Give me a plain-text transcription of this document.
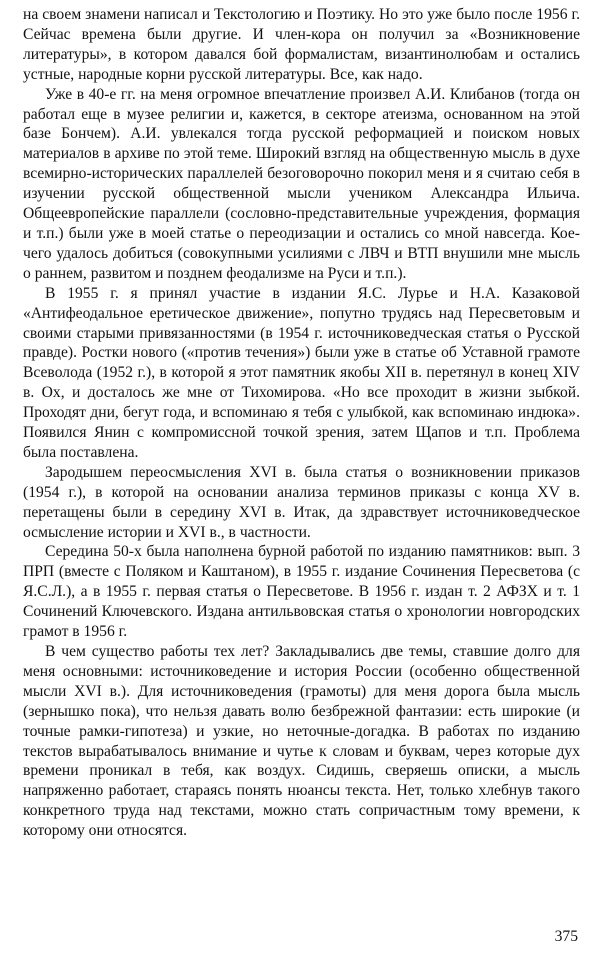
на своем знамени написал и Текстологию и Поэтику. Но это уже было после 1956 г. Сейчас времена были другие. И член-кора он получил за «Возникновение литературы», в котором давался бой формалистам, византинолюбам и остались устные, народные корни русской литературы. Все, как надо.

Уже в 40-е гг. на меня огромное впечатление произвел А.И. Клибанов (тогда он работал еще в музее религии и, кажется, в секторе атеизма, основанном на этой базе Бончем). А.И. увлекался тогда русской реформацией и поиском новых материалов в архиве по этой теме. Широкий взгляд на общественную мысль в духе всемирно-исторических параллелей безоговорочно покорил меня и я считаю себя в изучении русской общественной мысли учеником Александра Ильича. Общеевропейские параллели (сословно-представительные учреждения, формация и т.п.) были уже в моей статье о переодизации и остались со мной навсегда. Кое-чего удалось добиться (совокупными усилиями с ЛВЧ и ВТП внушили мне мысль о раннем, развитом и позднем феодализме на Руси и т.п.).

В 1955 г. я принял участие в издании Я.С. Лурье и Н.А. Казаковой «Антифеодальное еретическое движение», попутно трудясь над Пересветовым и своими старыми привязанностями (в 1954 г. источниковедческая статья о Русской правде). Ростки нового («против течения») были уже в статье об Уставной грамоте Всеволода (1952 г.), в которой я этот памятник якобы XII в. перетянул в конец XIV в. Ох, и досталось же мне от Тихомирова. «Но все проходит в жизни зыбкой. Проходят дни, бегут года, и вспоминаю я тебя с улыбкой, как вспоминаю индюка». Появился Янин с компромиссной точкой зрения, затем Щапов и т.п. Проблема была поставлена.

Зародышем переосмысления XVI в. была статья о возникновении приказов (1954 г.), в которой на основании анализа терминов приказы с конца XV в. перетащены были в середину XVI в. Итак, да здравствует источниковедческое осмысление истории и XVI в., в частности.

Середина 50-х была наполнена бурной работой по изданию памятников: вып. 3 ПРП (вместе с Поляком и Каштаном), в 1955 г. издание Сочинения Пересветова (с Я.С.Л.), а в 1955 г. первая статья о Пересветове. В 1956 г. издан т. 2 АФЗХ и т. 1 Сочинений Ключевского. Издана антильвовская статья о хронологии новгородских грамот в 1956 г.

В чем существо работы тех лет? Закладывались две темы, ставшие долго для меня основными: источниковедение и история России (особенно общественной мысли XVI в.). Для источниковедения (грамоты) для меня дорога была мысль (зернышко пока), что нельзя давать волю безбрежной фантазии: есть широкие (и точные рамки-гипотеза) и узкие, но неточные-догадка. В работах по изданию текстов вырабатывалось внимание и чутье к словам и буквам, через которые дух времени проникал в тебя, как воздух. Сидишь, сверяешь описки, а мысль напряженно работает, стараясь понять нюансы текста. Нет, только хлебнув такого конкретного труда над текстами, можно стать сопричастным тому времени, к которому они относятся.

375
